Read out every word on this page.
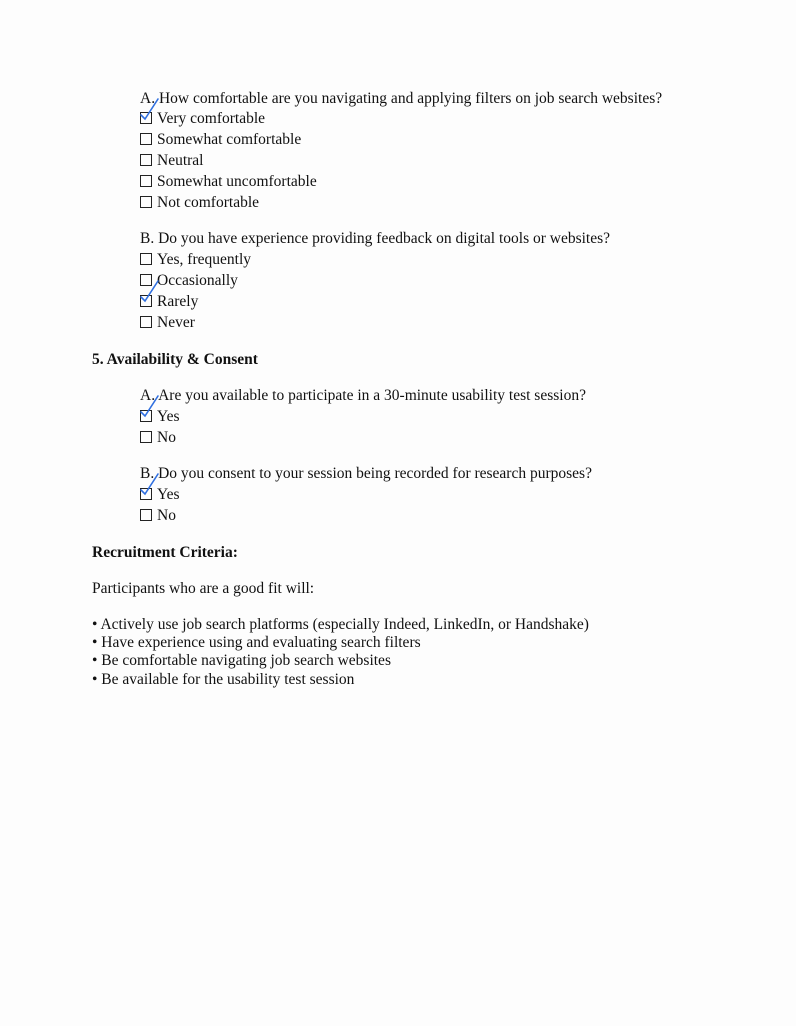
A. How comfortable are you navigating and applying filters on job search websites?
Very comfortable
Somewhat comfortable
Neutral
Somewhat uncomfortable
Not comfortable
B. Do you have experience providing feedback on digital tools or websites?
Yes, frequently
Occasionally
Rarely
Never
5. Availability & Consent
A. Are you available to participate in a 30-minute usability test session?
Yes
No
B. Do you consent to your session being recorded for research purposes?
Yes
No
Recruitment Criteria:
Participants who are a good fit will:
• Actively use job search platforms (especially Indeed, LinkedIn, or Handshake)
• Have experience using and evaluating search filters
• Be comfortable navigating job search websites
• Be available for the usability test session
